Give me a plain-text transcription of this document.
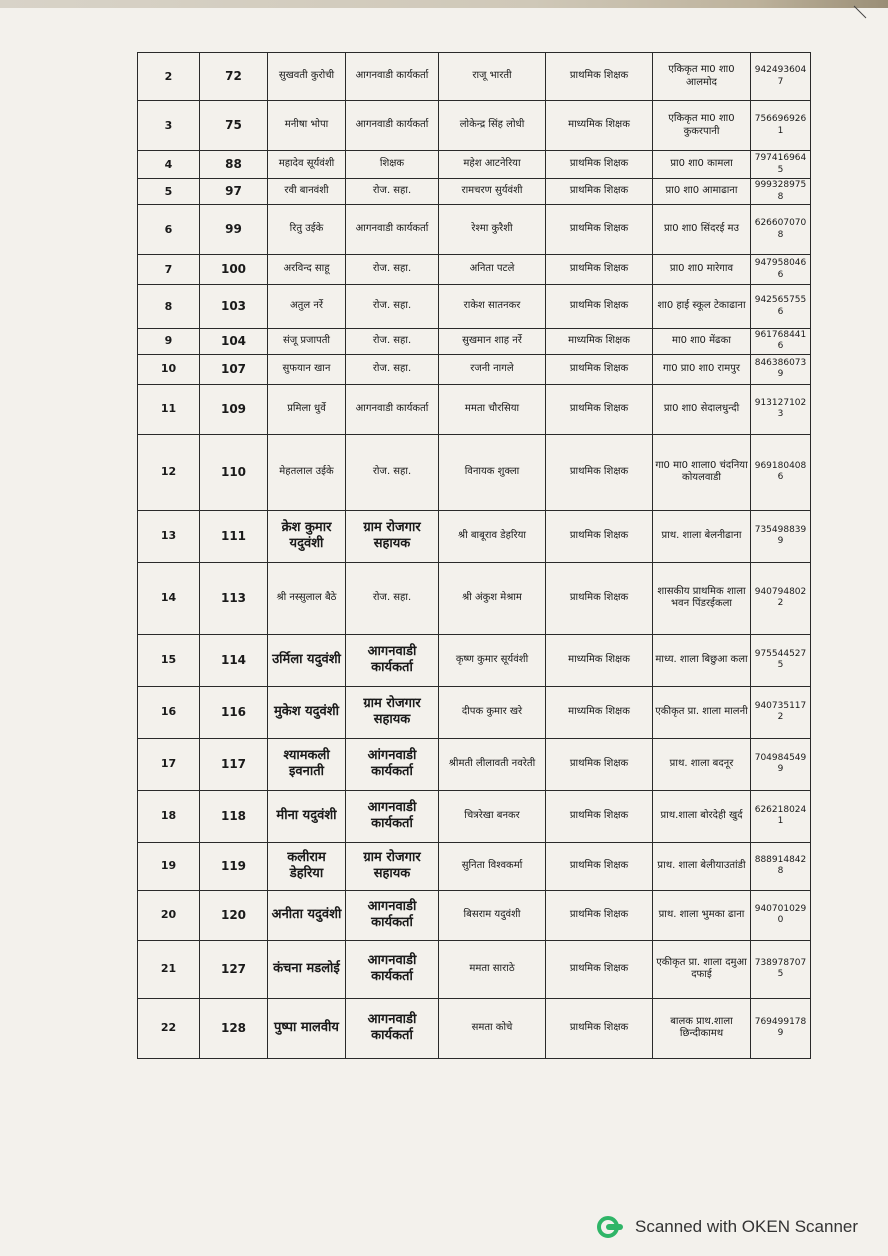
2	72	सुखवती कुरोची	आगनवाडी कार्यकर्ता	राजू भारती	प्राथमिक शिक्षक	एकिकृत मा0 शा0 आलमोद	9424936047
3	75	मनीषा भोपा	आगनवाडी कार्यकर्ता	लोकेन्द्र सिंह लोधी	माध्यमिक शिक्षक	एकिकृत मा0 शा0 कुकरपानी	7566969261
4	88	महादेव सूर्यवंशी	शिक्षक	महेश आटनेरिया	प्राथमिक शिक्षक	प्रा0 शा0 कामला	7974169645
5	97	रवी बानवंशी	रोज. सहा.	रामचरण सुर्यवंशी	प्राथमिक शिक्षक	प्रा0 शा0 आमाढाना	9993289758
6	99	रितु उईके	आगनवाडी कार्यकर्ता	रेश्मा कुरैशी	प्राथमिक शिक्षक	प्रा0 शा0 सिंदरई मउ	6266070708
7	100	अरविन्द साहू	रोज. सहा.	अनिता पटले	प्राथमिक शिक्षक	प्रा0 शा0 मारेगाव	9479580466
8	103	अतुल नर्रे	रोज. सहा.	राकेश सातनकर	प्राथमिक शिक्षक	शा0 हाई स्कूल टेकाढाना	9425657556
9	104	संजू प्रजापती	रोज. सहा.	सुखमान शाह नर्रे	माध्यमिक शिक्षक	मा0 शा0 मेंढका	9617684416
10	107	सुफयान खान	रोज. सहा.	रजनी नागले	प्राथमिक शिक्षक	गा0 प्रा0 शा0 रामपुर	8463860739
11	109	प्रमिला धुर्वे	आगनवाडी कार्यकर्ता	ममता चौरसिया	प्राथमिक शिक्षक	प्रा0 शा0 सेदालधुन्दी	9131271023
12	110	मेहतलाल उईके	रोज. सहा.	विनायक शुक्ला	प्राथमिक शिक्षक	गा0 मा0 शाला0 चंदनिया कोयलवाडी	9691804086
13	111	क्रेश कुमार यदुवंशी	ग्राम रोजगार सहायक	श्री बाबूराव डेहरिया	प्राथमिक शिक्षक	प्राथ. शाला बेलनीढाना	7354988399
14	113	श्री नस्सुलाल बैठे	रोज. सहा.	श्री अंकुश मेश्राम	प्राथमिक शिक्षक	शासकीय प्राथमिक शाला भवन पिंडरईकला	9407948022
15	114	उर्मिला यदुवंशी	आगनवाडी कार्यकर्ता	कृष्ण कुमार सूर्यवंशी	माध्यमिक शिक्षक	माध्य. शाला बिछुआ कला	9755445275
16	116	मुकेश यदुवंशी	ग्राम रोजगार सहायक	दीपक कुमार खरे	माध्यमिक शिक्षक	एकीकृत प्रा. शाला मालनी	9407351172
17	117	श्यामकली इवनाती	आंगनवाडी कार्यकर्ता	श्रीमती लीलावती नवरेती	प्राथमिक शिक्षक	प्राथ. शाला बदनूर	7049845499
18	118	मीना यदुवंशी	आगनवाडी कार्यकर्ता	चित्ररेखा बनकर	प्राथमिक शिक्षक	प्राथ.शाला बोरदेही खुर्द	6262180241
19	119	कलीराम डेहरिया	ग्राम रोजगार सहायक	सुनिता विश्वकर्मा	प्राथमिक शिक्षक	प्राथ. शाला बेलीयाउतांडी	8889148428
20	120	अनीता यदुवंशी	आगनवाडी कार्यकर्ता	बिसराम यदुवंशी	प्राथमिक शिक्षक	प्राथ. शाला भुमका ढाना	9407010290
21	127	कंचना मडलोई	आगनवाडी कार्यकर्ता	ममता साराठे	प्राथमिक शिक्षक	एकीकृत प्रा. शाला दमुआ दफाई	7389787075
22	128	पुष्पा मालवीय	आगनवाडी कार्यकर्ता	समता कोचे	प्राथमिक शिक्षक	बालक प्राथ.शाला छिन्दीकामथ	7694991789
Scanned with OKEN Scanner
